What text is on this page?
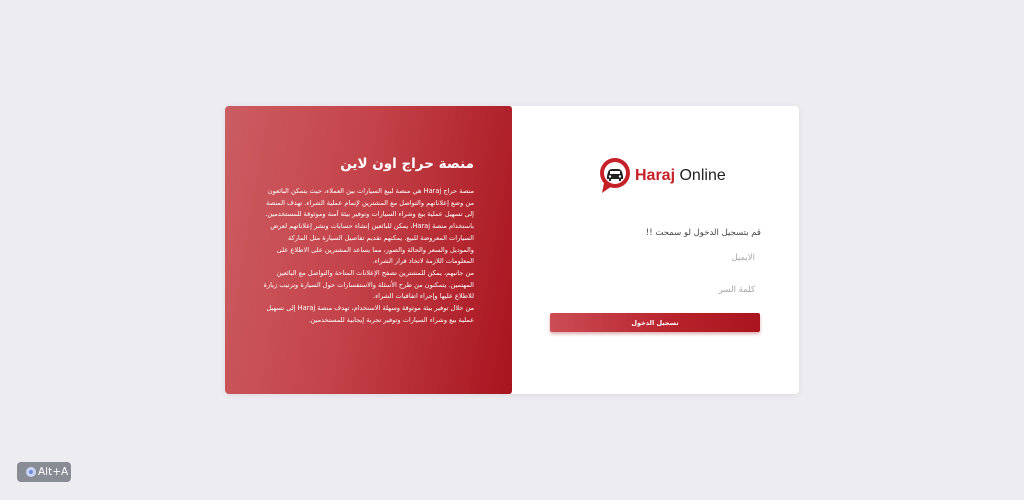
منصة حراج اون لاين

منصة حراج Haraj هي منصة لبيع السيارات بين العملاء، حيث يتمكن البائعون من وضع إعلاناتهم والتواصل مع المشترين لإتمام عملية الشراء. تهدف المنصة إلى تسهيل عملية بيع وشراء السيارات وتوفير بيئة آمنة وموثوقة للمستخدمين.

باستخدام منصة Haraj، يمكن للبائعين إنشاء حسابات ونشر إعلاناتهم لعرض السيارات المعروضة للبيع. يمكنهم تقديم تفاصيل السيارة مثل الماركة والموديل والسعر والحالة والصور، مما يساعد المشترين على الاطلاع على المعلومات اللازمة لاتخاذ قرار الشراء.

من جانبهم، يمكن للمشترين تصفح الإعلانات المتاحة والتواصل مع البائعين المهتمين. يتمكنون من طرح الأسئلة والاستفسارات حول السيارة وترتيب زيارة للاطلاع عليها وإجراء اتفاقيات الشراء.

من خلال توفير بيئة موثوقة وسهلة الاستخدام، تهدف منصة Haraj إلى تسهيل عملية بيع وشراء السيارات وتوفير تجربة إيجابية للمستخدمين.

Haraj Online
قم بتسجيل الدخول لو سمحت !!
الايميل
تسجيل الدخول
Alt+A
